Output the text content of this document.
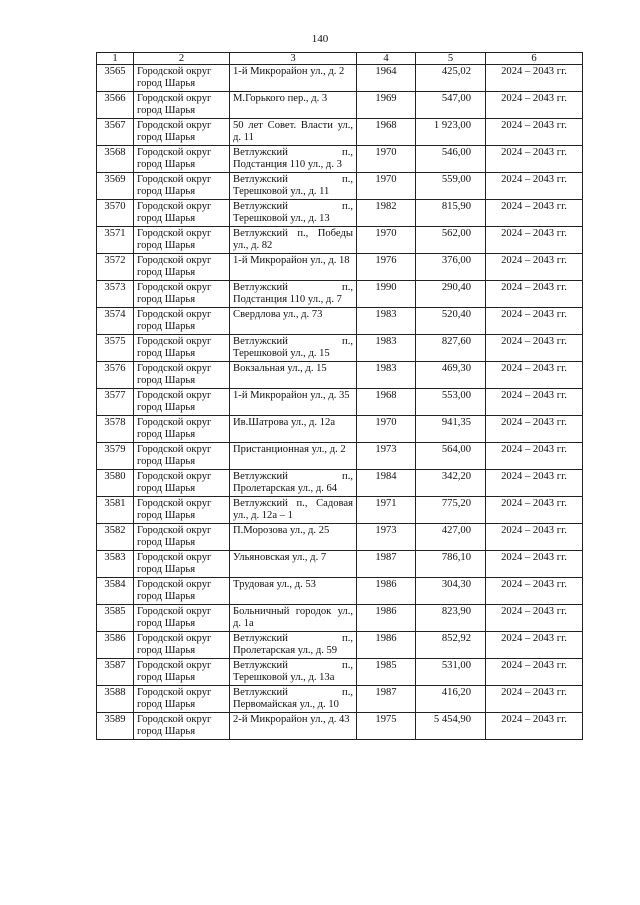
140
1	2	3	4	5	6
3565	Городской округ город Шарья	1-й Микрорайон ул., д. 2	1964	425,02	2024 – 2043 гг.
3566	Городской округ город Шарья	М.Горького пер., д. 3	1969	547,00	2024 – 2043 гг.
3567	Городской округ город Шарья	50 лет Совет. Власти ул., д. 11	1968	1 923,00	2024 – 2043 гг.
3568	Городской округ город Шарья	Ветлужский п., Подстанция 110 ул., д. 3	1970	546,00	2024 – 2043 гг.
3569	Городской округ город Шарья	Ветлужский п., Терешковой ул., д. 11	1970	559,00	2024 – 2043 гг.
3570	Городской округ город Шарья	Ветлужский п., Терешковой ул., д. 13	1982	815,90	2024 – 2043 гг.
3571	Городской округ город Шарья	Ветлужский п., Победы ул., д. 82	1970	562,00	2024 – 2043 гг.
3572	Городской округ город Шарья	1-й Микрорайон ул., д. 18	1976	376,00	2024 – 2043 гг.
3573	Городской округ город Шарья	Ветлужский п., Подстанция 110 ул., д. 7	1990	290,40	2024 – 2043 гг.
3574	Городской округ город Шарья	Свердлова ул., д. 73	1983	520,40	2024 – 2043 гг.
3575	Городской округ город Шарья	Ветлужский п., Терешковой ул., д. 15	1983	827,60	2024 – 2043 гг.
3576	Городской округ город Шарья	Вокзальная ул., д. 15	1983	469,30	2024 – 2043 гг.
3577	Городской округ город Шарья	1-й Микрорайон ул., д. 35	1968	553,00	2024 – 2043 гг.
3578	Городской округ город Шарья	Ив.Шатрова ул., д. 12а	1970	941,35	2024 – 2043 гг.
3579	Городской округ город Шарья	Пристанционная ул., д. 2	1973	564,00	2024 – 2043 гг.
3580	Городской округ город Шарья	Ветлужский п., Пролетарская ул., д. 64	1984	342,20	2024 – 2043 гг.
3581	Городской округ город Шарья	Ветлужский п., Садовая ул., д. 12а – 1	1971	775,20	2024 – 2043 гг.
3582	Городской округ город Шарья	П.Морозова ул., д. 25	1973	427,00	2024 – 2043 гг.
3583	Городской округ город Шарья	Ульяновская ул., д. 7	1987	786,10	2024 – 2043 гг.
3584	Городской округ город Шарья	Трудовая ул., д. 53	1986	304,30	2024 – 2043 гг.
3585	Городской округ город Шарья	Больничный городок ул., д. 1а	1986	823,90	2024 – 2043 гг.
3586	Городской округ город Шарья	Ветлужский п., Пролетарская ул., д. 59	1986	852,92	2024 – 2043 гг.
3587	Городской округ город Шарья	Ветлужский п., Терешковой ул., д. 13а	1985	531,00	2024 – 2043 гг.
3588	Городской округ город Шарья	Ветлужский п., Первомайская ул., д. 10	1987	416,20	2024 – 2043 гг.
3589	Городской округ город Шарья	2-й Микрорайон ул., д. 43	1975	5 454,90	2024 – 2043 гг.
